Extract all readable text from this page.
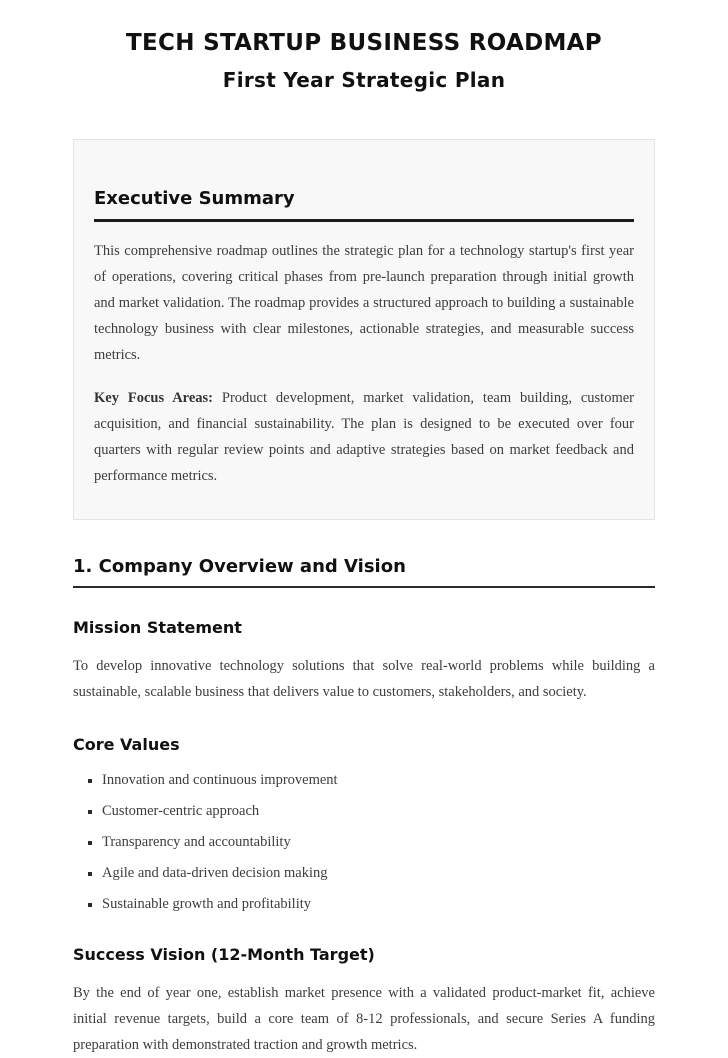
TECH STARTUP BUSINESS ROADMAP
First Year Strategic Plan
Executive Summary

This comprehensive roadmap outlines the strategic plan for a technology startup's first year of operations, covering critical phases from pre-launch preparation through initial growth and market validation. The roadmap provides a structured approach to building a sustainable technology business with clear milestones, actionable strategies, and measurable success metrics.

Key Focus Areas: Product development, market validation, team building, customer acquisition, and financial sustainability. The plan is designed to be executed over four quarters with regular review points and adaptive strategies based on market feedback and performance metrics.

1. Company Overview and Vision
Mission Statement

To develop innovative technology solutions that solve real-world problems while building a sustainable, scalable business that delivers value to customers, stakeholders, and society.

Core Values
▪ Innovation and continuous improvement
▪ Customer-centric approach
▪ Transparency and accountability
▪ Agile and data-driven decision making
▪ Sustainable growth and profitability
Success Vision (12-Month Target)

By the end of year one, establish market presence with a validated product-market fit, achieve initial revenue targets, build a core team of 8-12 professionals, and secure Series A funding preparation with demonstrated traction and growth metrics.
